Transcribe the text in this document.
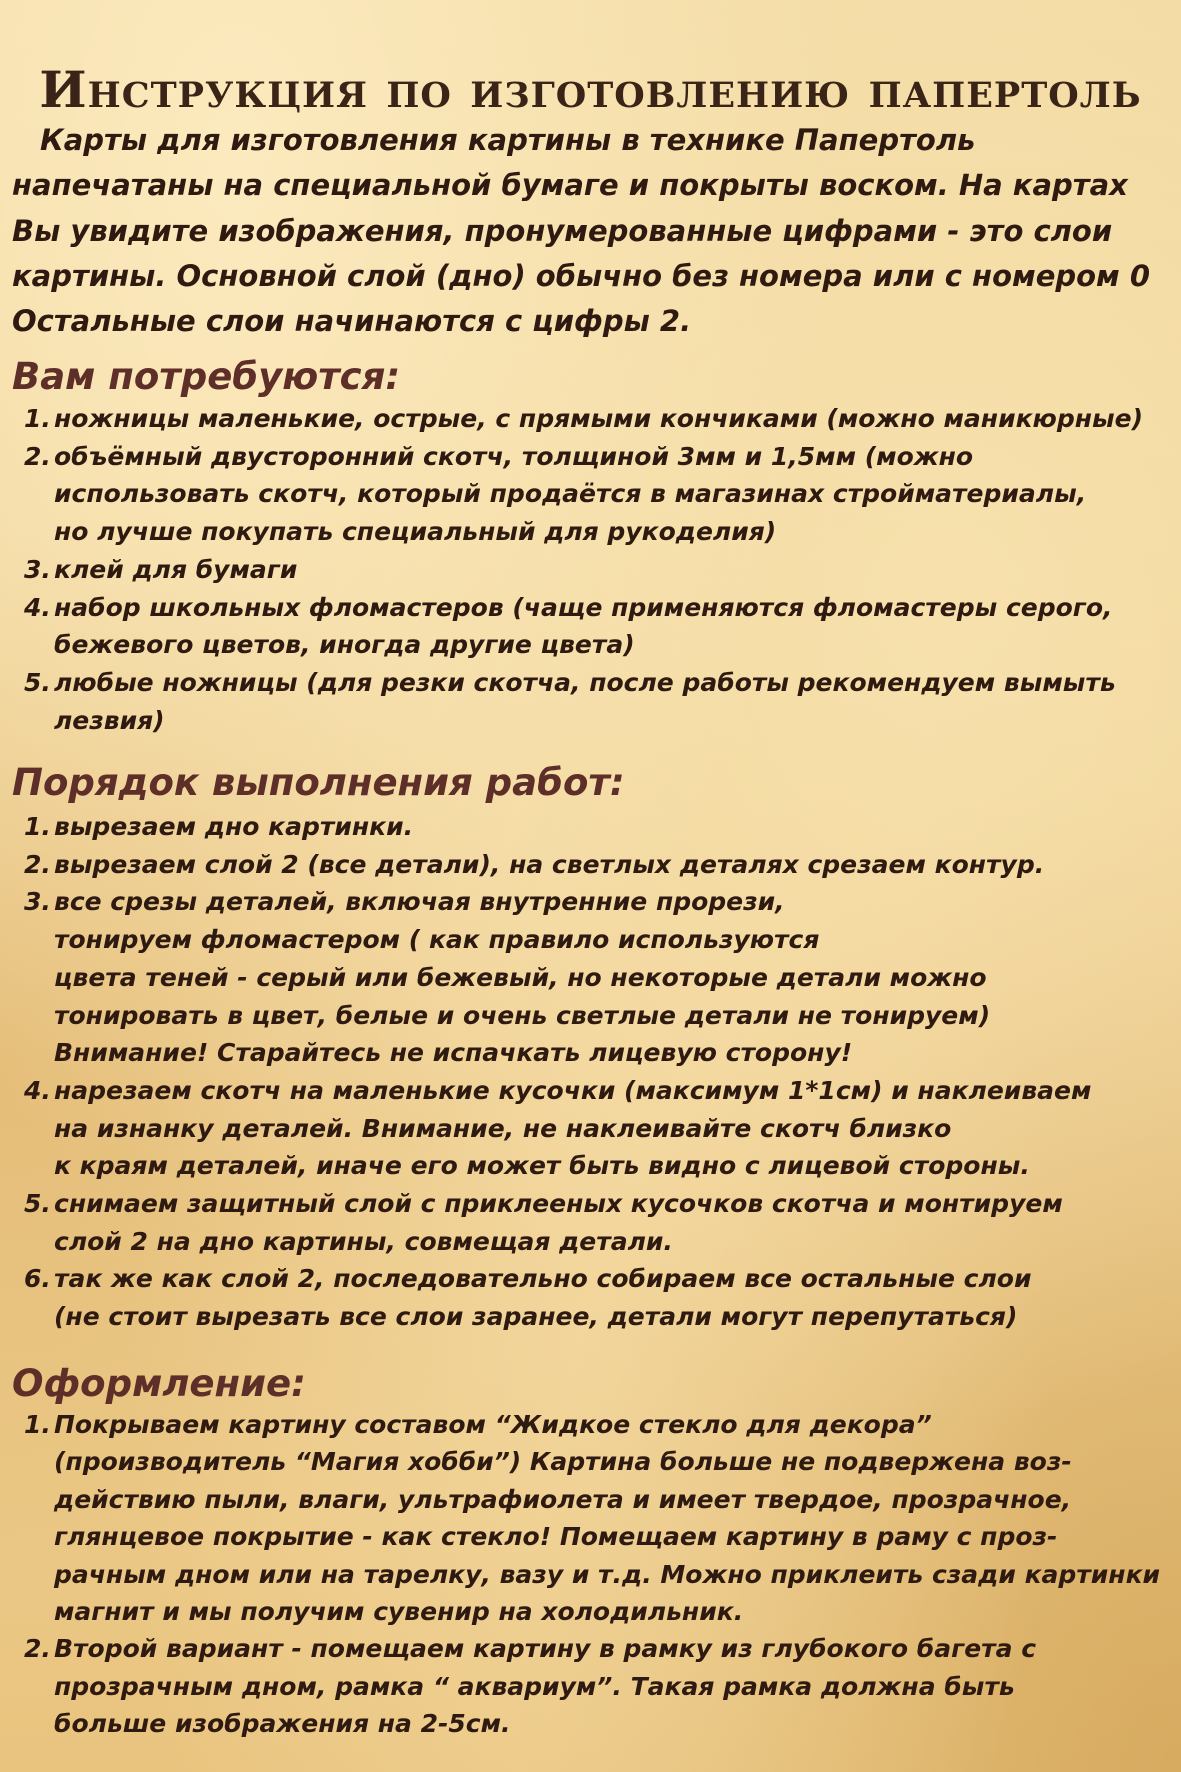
Инструкция по изготовлению папертоль

Карты для изготовления картины в технике Папертоль
напечатаны на специальной бумаге и покрыты воском. На картах
Вы увидите изображения, пронумерованные цифрами - это слои
картины. Основной слой (дно) обычно без номера или с номером 0
Остальные слои начинаются с цифры 2.

Вам потребуются:
1. ножницы маленькие, острые, с прямыми кончиками (можно маникюрные)
2. объёмный двусторонний скотч, толщиной 3мм и 1,5мм (можно
использовать скотч, который продаётся в магазинах стройматериалы,
но лучше покупать специальный для рукоделия)
3. клей для бумаги
4. набор школьных фломастеров (чаще применяются фломастеры серого,
бежевого цветов, иногда другие цвета)
5. любые ножницы (для резки скотча, после работы рекомендуем вымыть
лезвия)
Порядок выполнения работ:
1. вырезаем дно картинки.
2. вырезаем слой 2 (все детали), на светлых деталях срезаем контур.
3. все срезы деталей, включая внутренние прорези,
тонируем фломастером ( как правило используются
цвета теней - серый или бежевый, но некоторые детали можно
тонировать в цвет, белые и очень светлые детали не тонируем)
Внимание! Старайтесь не испачкать лицевую сторону!
4. нарезаем скотч на маленькие кусочки (максимум 1*1см) и наклеиваем
на изнанку деталей. Внимание, не наклеивайте скотч близко
к краям деталей, иначе его может быть видно с лицевой стороны.
5. снимаем защитный слой с приклееных кусочков скотча и монтируем
слой 2 на дно картины, совмещая детали.
6. так же как слой 2, последовательно собираем все остальные слои
(не стоит вырезать все слои заранее, детали могут перепутаться)
Оформление:
1. Покрываем картину составом “Жидкое стекло для декора”
(производитель “Магия хобби”) Картина больше не подвержена воз-
действию пыли, влаги, ультрафиолета и имеет твердое, прозрачное,
глянцевое покрытие - как стекло! Помещаем картину в раму с проз-
рачным дном или на тарелку, вазу и т.д. Можно приклеить сзади картинки
магнит и мы получим сувенир на холодильник.
2. Второй вариант - помещаем картину в рамку из глубокого багета с
прозрачным дном, рамка “ аквариум”. Такая рамка должна быть
больше изображения на 2-5см.
